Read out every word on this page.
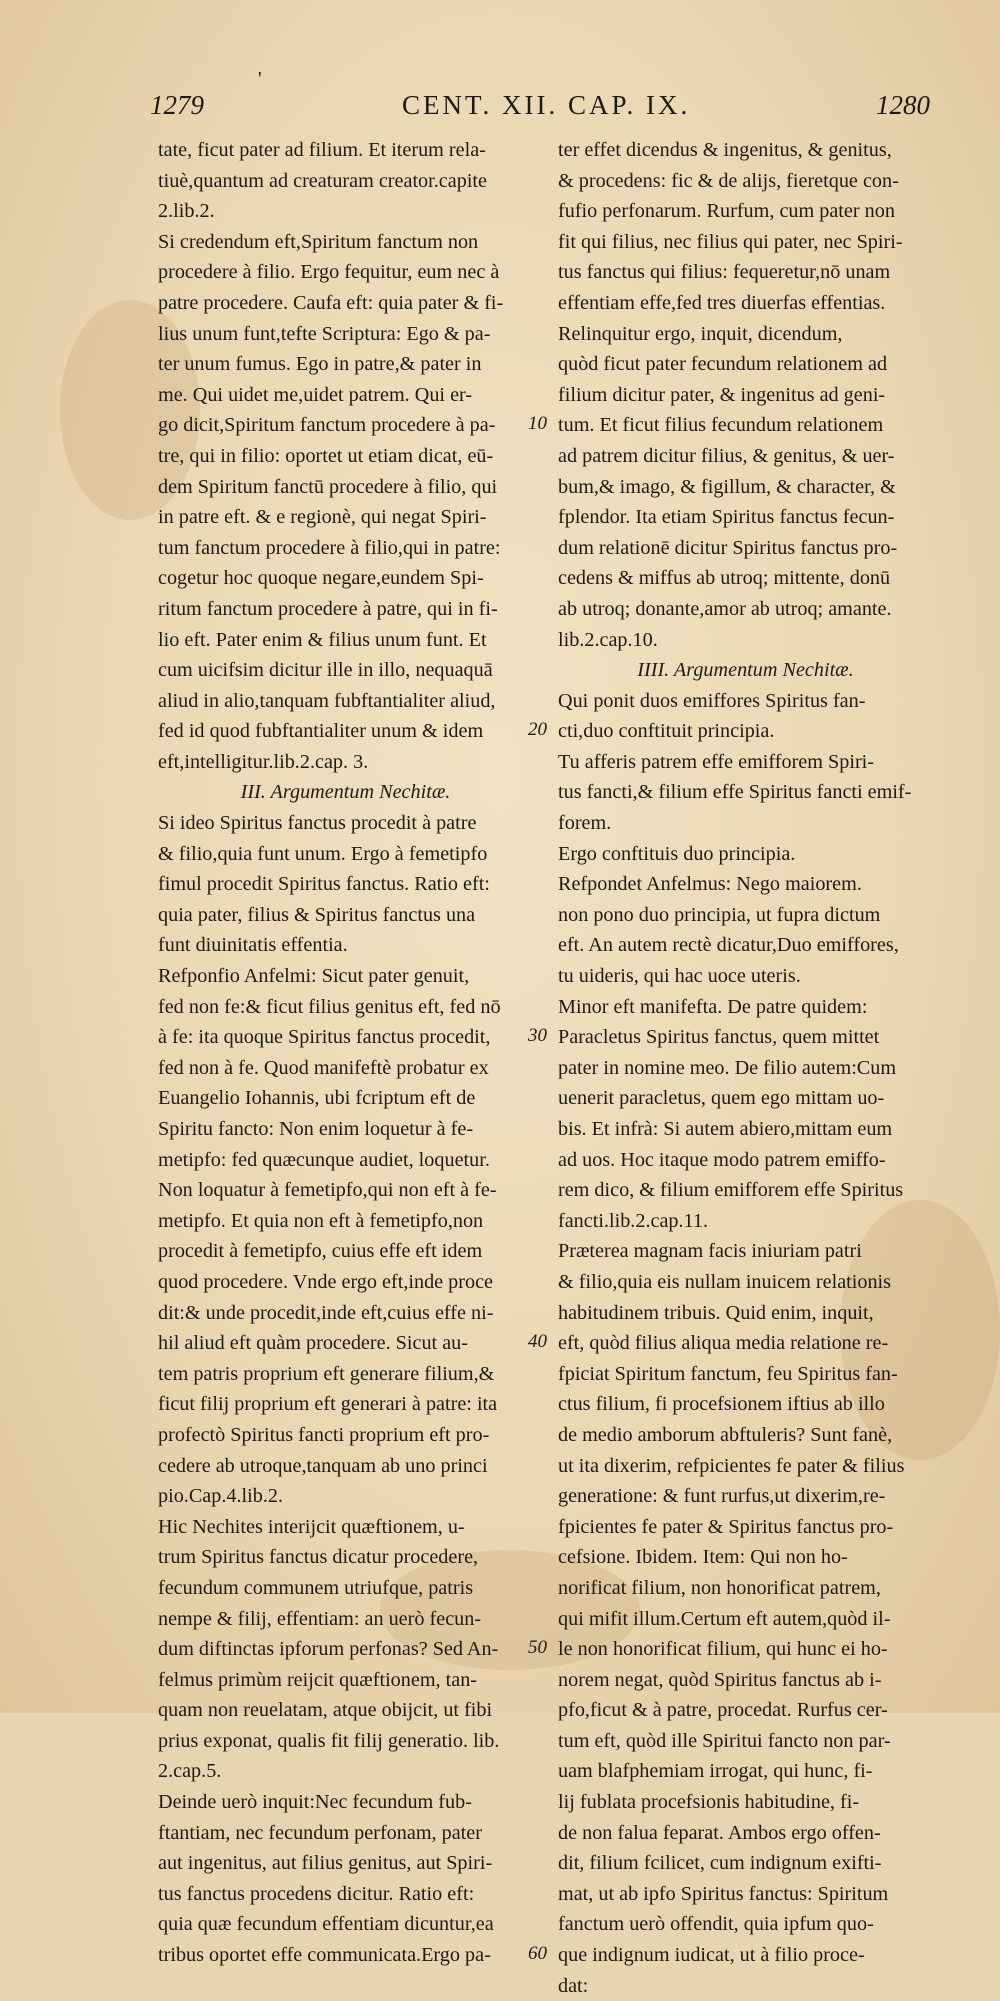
'
1279	CENT. XII. CAP. IX.	1280
tate, ficut pater ad filium. Et iterum rela-
tiuè,quantum ad creaturam creator.capite
2.lib.2.
Si credendum eft,Spiritum fanctum non
procedere à filio. Ergo fequitur, eum nec à
patre procedere. Caufa eft: quia pater & fi-
lius unum funt,tefte Scriptura: Ego & pa-
ter unum fumus. Ego in patre,& pater in
me. Qui uidet me,uidet patrem. Qui er-
go dicit,Spiritum fanctum procedere à pa-
tre, qui in filio: oportet ut etiam dicat, eū-
dem Spiritum fanctū procedere à filio, qui
in patre eft. & e regionè, qui negat Spiri-
tum fanctum procedere à filio,qui in patre:
cogetur hoc quoque negare,eundem Spi-
ritum fanctum procedere à patre, qui in fi-
lio eft. Pater enim & filius unum funt. Et
cum uicifsim dicitur ille in illo, nequaquā
aliud in alio,tanquam fubftantialiter aliud,
fed id quod fubftantialiter unum & idem
eft,intelligitur.lib.2.cap. 3.
III. Argumentum Nechitæ.
Si ideo Spiritus fanctus procedit à patre
& filio,quia funt unum. Ergo à femetipfo
fimul procedit Spiritus fanctus. Ratio eft:
quia pater, filius & Spiritus fanctus una
funt diuinitatis effentia.
Refponfio Anfelmi: Sicut pater genuit,
fed non fe:& ficut filius genitus eft, fed nō
à fe: ita quoque Spiritus fanctus procedit,
fed non à fe. Quod manifeftè probatur ex
Euangelio Iohannis, ubi fcriptum eft de
Spiritu fancto: Non enim loquetur à fe-
metipfo: fed quæcunque audiet, loquetur.
Non loquatur à femetipfo,qui non eft à fe-
metipfo. Et quia non eft à femetipfo,non
procedit à femetipfo, cuius effe eft idem
quod procedere. Vnde ergo eft,inde proce
dit:& unde procedit,inde eft,cuius effe ni-
hil aliud eft quàm procedere. Sicut au-
tem patris proprium eft generare filium,&
ficut filij proprium eft generari à patre: ita
profectò Spiritus fancti proprium eft pro-
cedere ab utroque,tanquam ab uno princi
pio.Cap.4.lib.2.
Hic Nechites interijcit quæftionem, u-
trum Spiritus fanctus dicatur procedere,
fecundum communem utriufque, patris
nempe & filij, effentiam: an uerò fecun-
dum diftinctas ipforum perfonas? Sed An-
felmus primùm reijcit quæftionem, tan-
quam non reuelatam, atque obijcit, ut fibi
prius exponat, qualis fit filij generatio. lib.
2.cap.5.
Deinde uerò inquit:Nec fecundum fub-
ftantiam, nec fecundum perfonam, pater
aut ingenitus, aut filius genitus, aut Spiri-
tus fanctus procedens dicitur. Ratio eft:
quia quæ fecundum effentiam dicuntur,ea
tribus oportet effe communicata.Ergo pa-
ter effet dicendus & ingenitus, & genitus,
& procedens: fic & de alijs, fieretque con-
fufio perfonarum. Rurfum, cum pater non
fit qui filius, nec filius qui pater, nec Spiri-
tus fanctus qui filius: fequeretur,nō unam
effentiam effe,fed tres diuerfas effentias.
Relinquitur ergo, inquit, dicendum,
quòd ficut pater fecundum relationem ad
filium dicitur pater, & ingenitus ad geni-
tum. Et ficut filius fecundum relationem
ad patrem dicitur filius, & genitus, & uer-
bum,& imago, & figillum, & character, &
fplendor. Ita etiam Spiritus fanctus fecun-
dum relationē dicitur Spiritus fanctus pro-
cedens & miffus ab utroq; mittente, donū
ab utroq; donante,amor ab utroq; amante.
lib.2.cap.10.
IIII. Argumentum Nechitæ.
Qui ponit duos emiffores Spiritus fan-
cti,duo conftituit principia.
Tu afferis patrem effe emifforem Spiri-
tus fancti,& filium effe Spiritus fancti emif-
forem.
Ergo conftituis duo principia.
Refpondet Anfelmus: Nego maiorem.
non pono duo principia, ut fupra dictum
eft. An autem rectè dicatur,Duo emiffores,
tu uideris, qui hac uoce uteris.
Minor eft manifefta. De patre quidem:
Paracletus Spiritus fanctus, quem mittet
pater in nomine meo. De filio autem:Cum
uenerit paracletus, quem ego mittam uo-
bis. Et infrà: Si autem abiero,mittam eum
ad uos. Hoc itaque modo patrem emiffo-
rem dico, & filium emifforem effe Spiritus
fancti.lib.2.cap.11.
Præterea magnam facis iniuriam patri
& filio,quia eis nullam inuicem relationis
habitudinem tribuis. Quid enim, inquit,
eft, quòd filius aliqua media relatione re-
fpiciat Spiritum fanctum, feu Spiritus fan-
ctus filium, fi procefsionem iftius ab illo
de medio amborum abftuleris? Sunt fanè,
ut ita dixerim, refpicientes fe pater & filius
generatione: & funt rurfus,ut dixerim,re-
fpicientes fe pater & Spiritus fanctus pro-
cefsione. Ibidem. Item: Qui non ho-
norificat filium, non honorificat patrem,
qui mifit illum.Certum eft autem,quòd il-
le non honorificat filium, qui hunc ei ho-
norem negat, quòd Spiritus fanctus ab i-
pfo,ficut & à patre, procedat. Rurfus cer-
tum eft, quòd ille Spiritui fancto non par-
uam blafphemiam irrogat, qui hunc, fi-
lij fublata procefsionis habitudine, fi-
de non falua feparat. Ambos ergo offen-
dit, filium fcilicet, cum indignum exifti-
mat, ut ab ipfo Spiritus fanctus: Spiritum
fanctum uerò offendit, quia ipfum quo-
que indignum iudicat, ut à filio proce-
dat:
10
20
30
40
50
60
